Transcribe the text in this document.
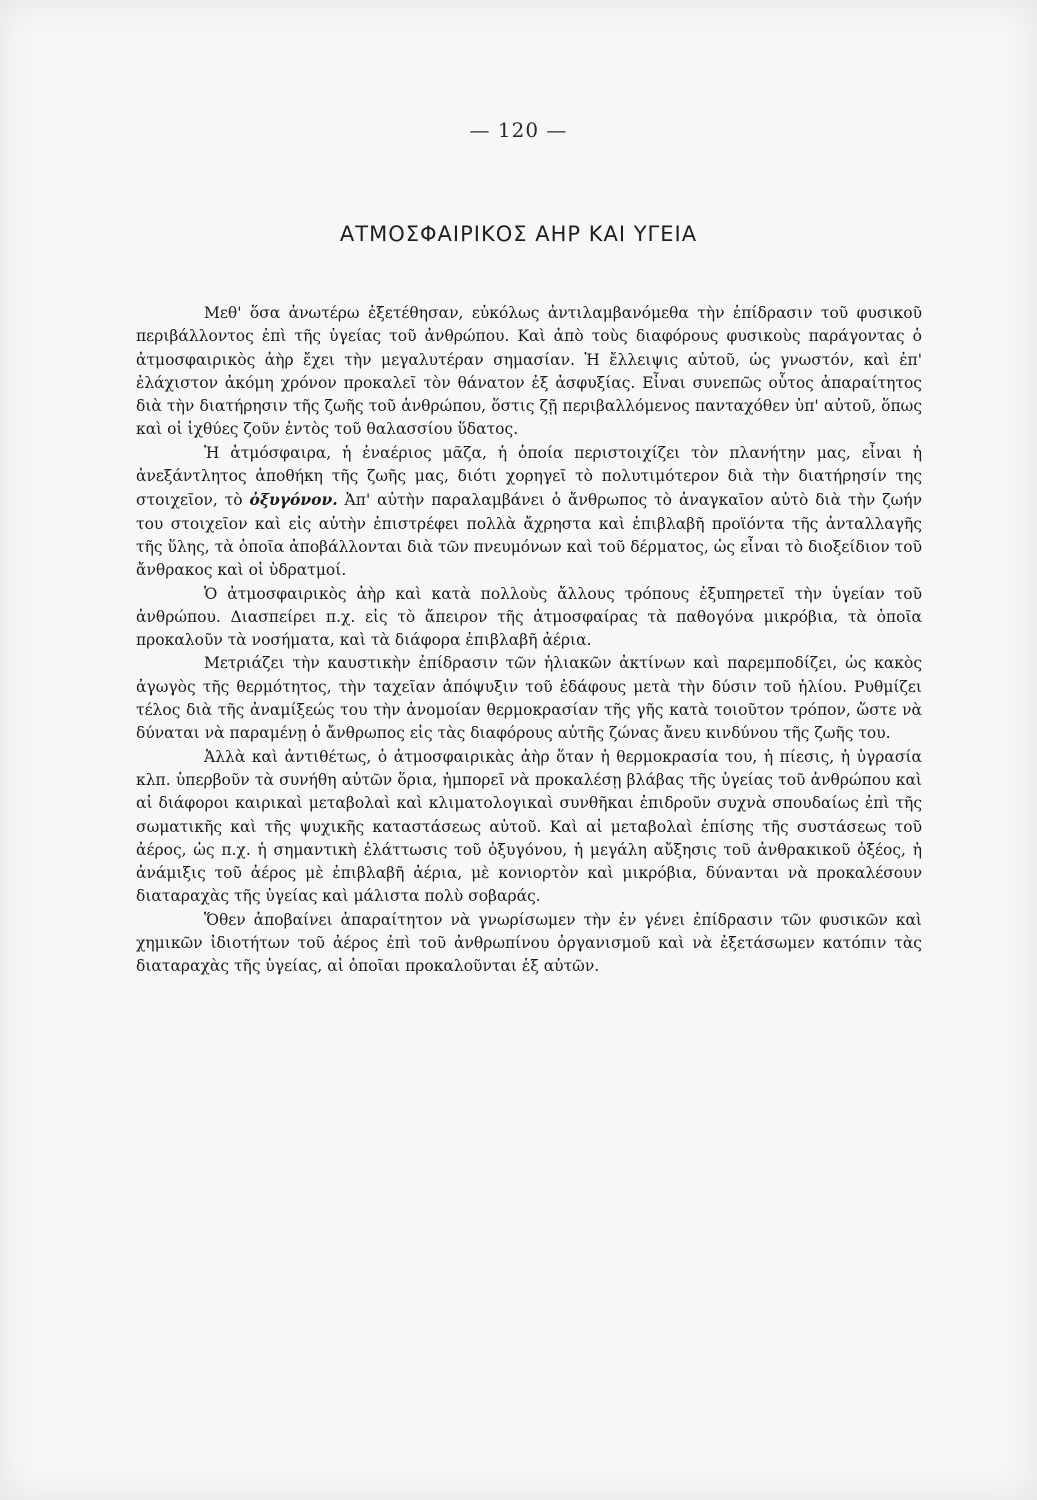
— 120 —
ΑΤΜΟΣΦΑΙΡΙΚΟΣ ΑΗΡ ΚΑΙ ΥΓΕΙΑ

Μεθ' ὅσα ἀνωτέρω ἐξετέθησαν, εὐκόλως ἀντιλαμβανόμεθα τὴν ἐπίδρασιν τοῦ φυσικοῦ περιβάλλοντος ἐπὶ τῆς ὑγείας τοῦ ἀνθρώπου. Καὶ ἀπὸ τοὺς διαφόρους φυσικοὺς παράγοντας ὁ ἀτμοσφαιρικὸς ἀὴρ ἔχει τὴν μεγαλυτέραν σημασίαν. Ἡ ἔλλειψις αὐτοῦ, ὡς γνωστόν, καὶ ἐπ' ἐλάχιστον ἀκόμη χρόνον προκαλεῖ τὸν θάνατον ἐξ ἀσφυξίας. Εἶναι συνεπῶς οὗτος ἀπαραίτητος διὰ τὴν διατήρησιν τῆς ζωῆς τοῦ ἀνθρώπου, ὅστις ζῇ περιβαλλόμενος πανταχόθεν ὑπ' αὐτοῦ, ὅπως καὶ οἱ ἰχθύες ζοῦν ἐντὸς τοῦ θαλασσίου ὕδατος.

Ἡ ἀτμόσφαιρα, ἡ ἐναέριος μᾶζα, ἡ ὁποία περιστοιχίζει τὸν πλανήτην μας, εἶναι ἡ ἀνεξάντλητος ἀποθήκη τῆς ζωῆς μας, διότι χορηγεῖ τὸ πολυτιμότερον διὰ τὴν διατήρησίν της στοιχεῖον, τὸ ὀξυγόνον. Ἀπ' αὐτὴν παραλαμβάνει ὁ ἄνθρωπος τὸ ἀναγκαῖον αὐτὸ διὰ τὴν ζωήν του στοιχεῖον καὶ εἰς αὐτὴν ἐπιστρέφει πολλὰ ἄχρηστα καὶ ἐπιβλαβῆ προϊόντα τῆς ἀνταλλαγῆς τῆς ὕλης, τὰ ὁποῖα ἀποβάλλονται διὰ τῶν πνευμόνων καὶ τοῦ δέρματος, ὡς εἶναι τὸ διοξείδιον τοῦ ἄνθρακος καὶ οἱ ὑδρατμοί.

Ὁ ἀτμοσφαιρικὸς ἀὴρ καὶ κατὰ πολλοὺς ἄλλους τρόπους ἐξυπηρετεῖ τὴν ὑγείαν τοῦ ἀνθρώπου. Διασπείρει π.χ. εἰς τὸ ἄπειρον τῆς ἀτμοσφαίρας τὰ παθογόνα μικρόβια, τὰ ὁποῖα προκαλοῦν τὰ νοσήματα, καὶ τὰ διάφορα ἐπιβλαβῆ ἀέρια.

Μετριάζει τὴν καυστικὴν ἐπίδρασιν τῶν ἡλιακῶν ἀκτίνων καὶ παρεμποδίζει, ὡς κακὸς ἀγωγὸς τῆς θερμότητος, τὴν ταχεῖαν ἀπόψυξιν τοῦ ἐδάφους μετὰ τὴν δύσιν τοῦ ἡλίου. Ρυθμίζει τέλος διὰ τῆς ἀναμίξεώς του τὴν ἀνομοίαν θερμοκρασίαν τῆς γῆς κατὰ τοιοῦτον τρόπον, ὥστε νὰ δύναται νὰ παραμένῃ ὁ ἄνθρωπος εἰς τὰς διαφόρους αὐτῆς ζώνας ἄνευ κινδύνου τῆς ζωῆς του.

Ἀλλὰ καὶ ἀντιθέτως, ὁ ἀτμοσφαιρικὰς ἀὴρ ὅταν ἡ θερμοκρασία του, ἡ πίεσις, ἡ ὑγρασία κλπ. ὑπερβοῦν τὰ συνήθη αὐτῶν ὅρια, ἠμπορεῖ νὰ προκαλέσῃ βλάβας τῆς ὑγείας τοῦ ἀνθρώπου καὶ αἱ διάφοροι καιρικαὶ μεταβολαὶ καὶ κλιματολογικαὶ συνθῆκαι ἐπιδροῦν συχνὰ σπουδαίως ἐπὶ τῆς σωματικῆς καὶ τῆς ψυχικῆς καταστάσεως αὐτοῦ. Καὶ αἱ μεταβολαὶ ἐπίσης τῆς συστάσεως τοῦ ἀέρος, ὡς π.χ. ἡ σημαντικὴ ἐλάττωσις τοῦ ὀξυγόνου, ἡ μεγάλη αὔξησις τοῦ ἀνθρακικοῦ ὀξέος, ἡ ἀνάμιξις τοῦ ἀέρος μὲ ἐπιβλαβῆ ἀέρια, μὲ κονιορτὸν καὶ μικρόβια, δύνανται νὰ προκαλέσουν διαταραχὰς τῆς ὑγείας καὶ μάλιστα πολὺ σοβαράς.

Ὅθεν ἀποβαίνει ἀπαραίτητον νὰ γνωρίσωμεν τὴν ἐν γένει ἐπίδρασιν τῶν φυσικῶν καὶ χημικῶν ἰδιοτήτων τοῦ ἀέρος ἐπὶ τοῦ ἀνθρωπίνου ὀργανισμοῦ καὶ νὰ ἐξετάσωμεν κατόπιν τὰς διαταραχὰς τῆς ὑγείας, αἱ ὁποῖαι προκαλοῦνται ἐξ αὐτῶν.
